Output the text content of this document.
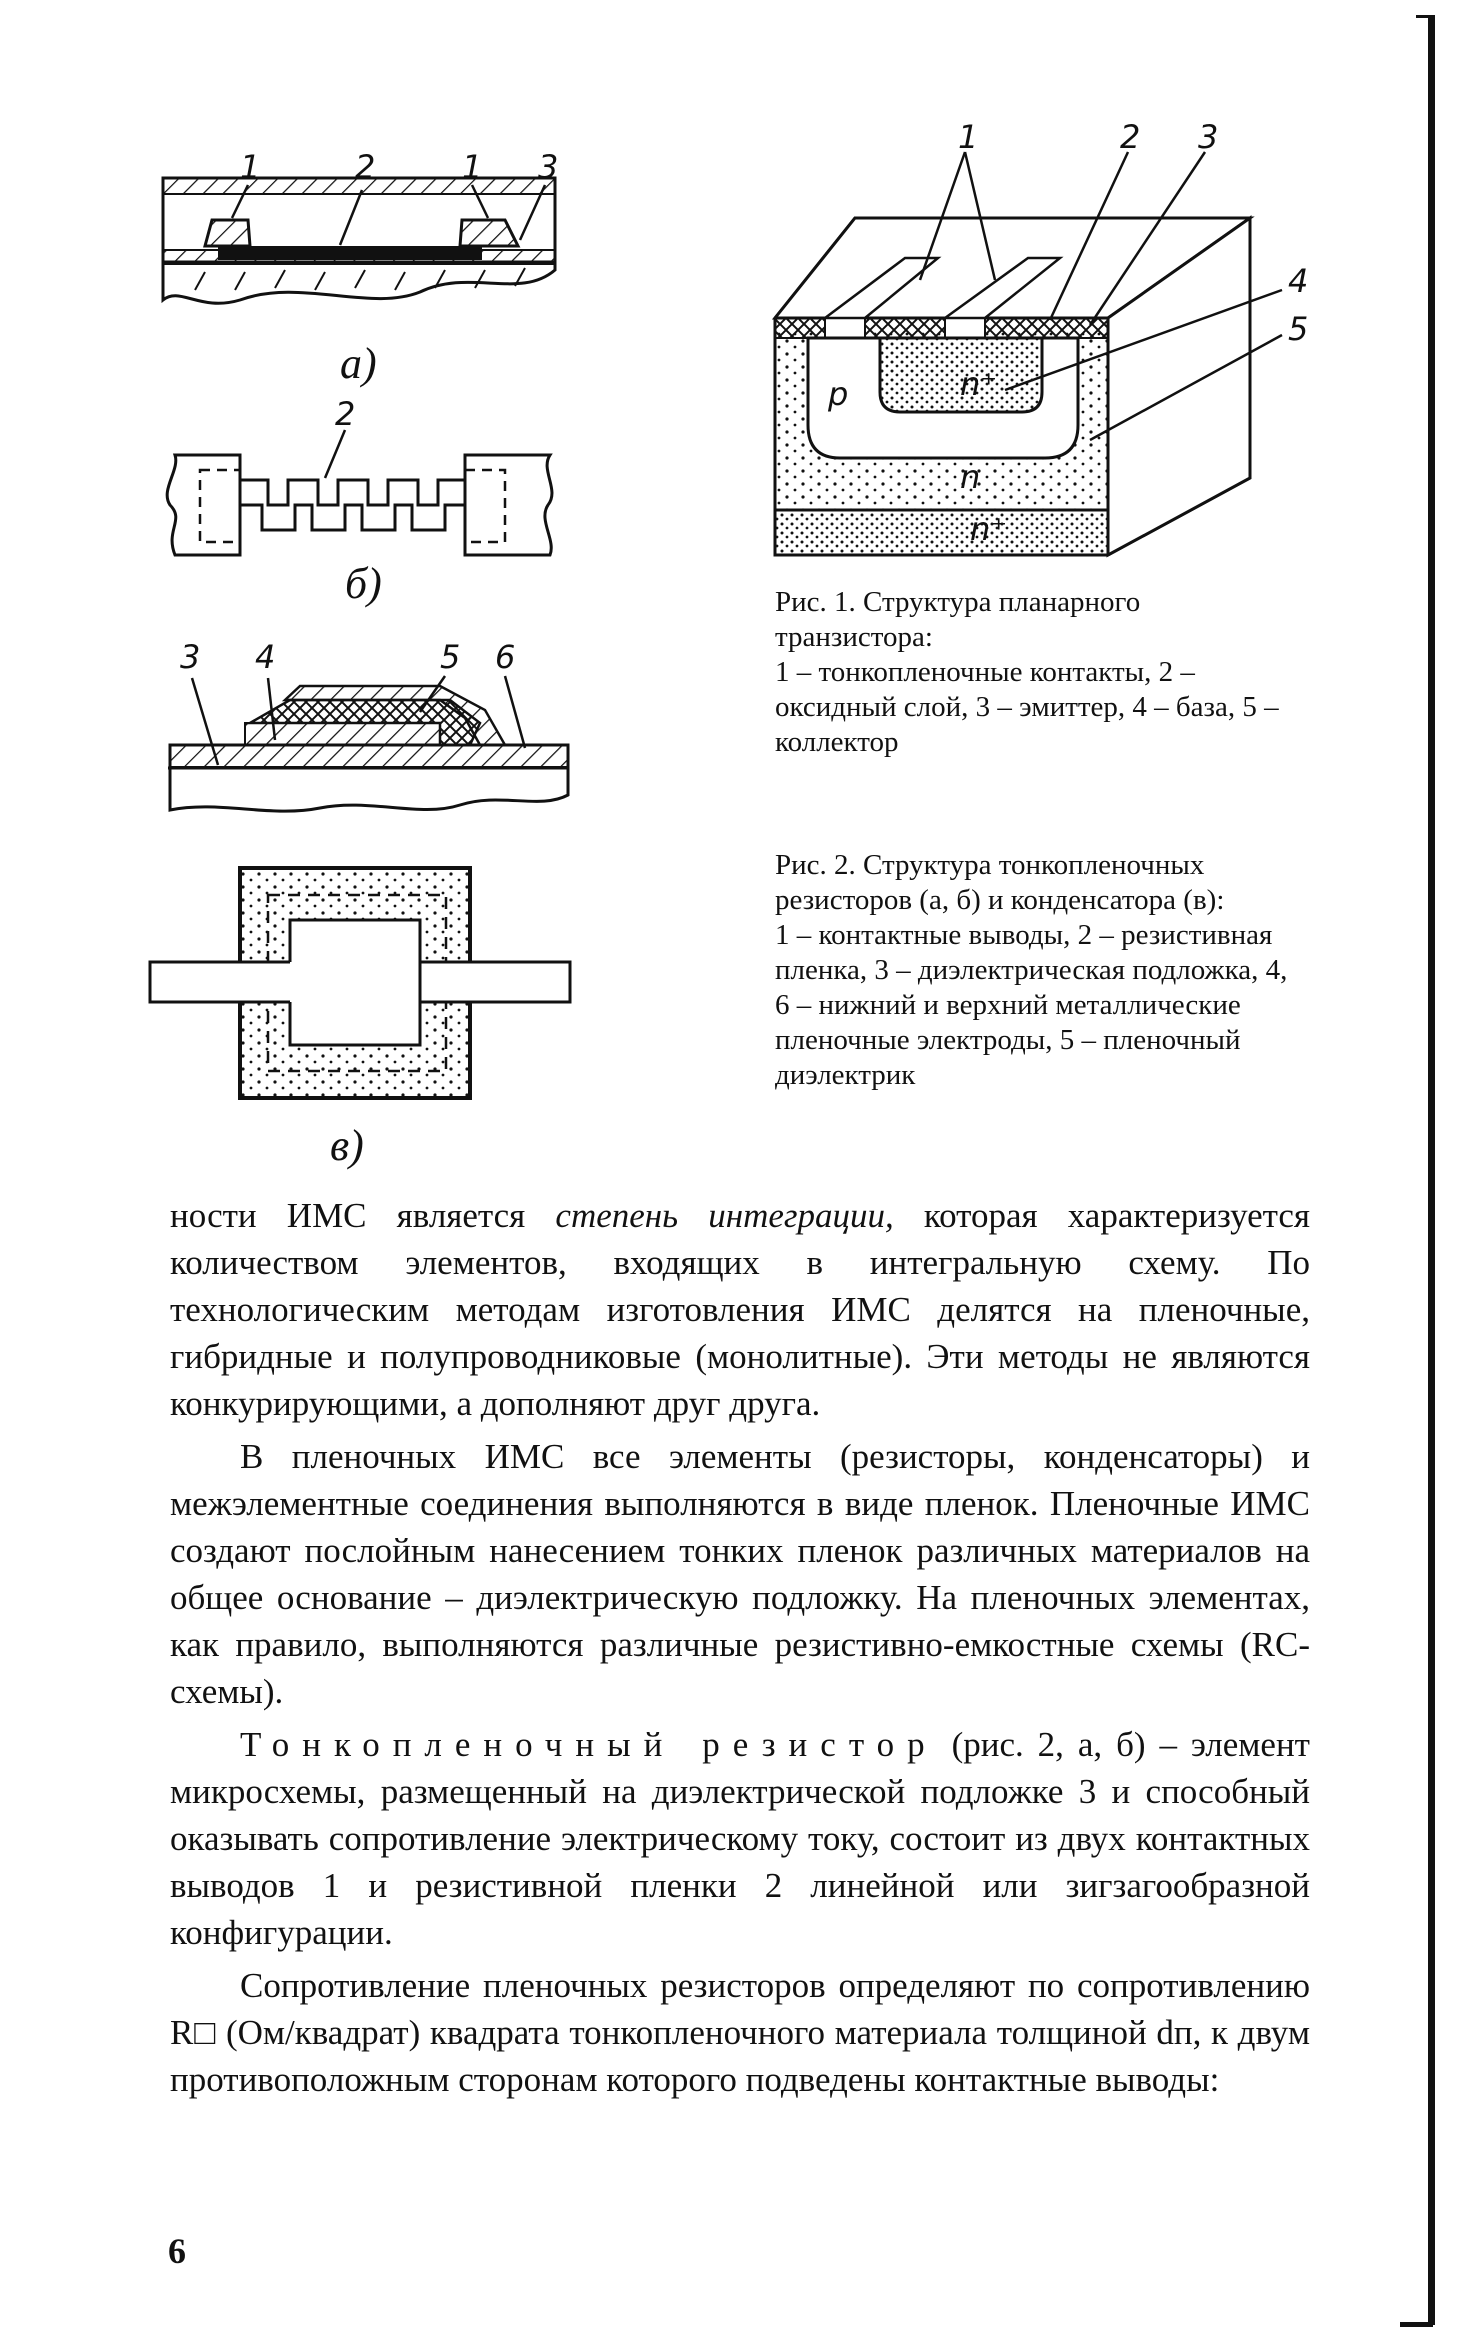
1	2	1 3
а)
2
б)
3 4	5 6
в)
1	2 3
4
5
p	n⁺
n
n⁺

Рис. 1. Структура планарного транзистора:

1 – тонкопленочные контакты, 2 – оксидный слой, 3 – эмиттер, 4 – база, 5 – коллектор

Рис. 2. Структура тонкопленочных резисторов (а, б) и конденсатора (в):

1 – контактные выводы, 2 – резистивная пленка, 3 – диэлектрическая подложка, 4, 6 – нижний и верхний металлические пленочные электроды, 5 – пленочный диэлектрик

ности ИМС является степень интеграции, которая характеризуется количеством элементов, входящих в интегральную схему. По технологическим методам изготовления ИМС делятся на пленочные, гибридные и полупроводниковые (монолитные). Эти методы не являются конкурирующими, а дополняют друг друга.

В пленочных ИМС все элементы (резисторы, конденсаторы) и межэлементные соединения выполняются в виде пленок. Пленочные ИМС создают послойным нанесением тонких пленок различных материалов на общее основание – диэлектрическую подложку. На пленочных элементах, как правило, выполняются различные резистивно-емкостные схемы (RC-схемы).

Тонкопленочный резистор (рис. 2, а, б) – элемент микросхемы, размещенный на диэлектрической подложке 3 и способный оказывать сопротивление электрическому току, состоит из двух контактных выводов 1 и резистивной пленки 2 линейной или зигзагообразной конфигурации.

Сопротивление пленочных резисторов определяют по сопротивлению R□ (Ом/квадрат) квадрата тонкопленочного материала толщиной dп, к двум противоположным сторонам которого подведены контактные выводы:

6
